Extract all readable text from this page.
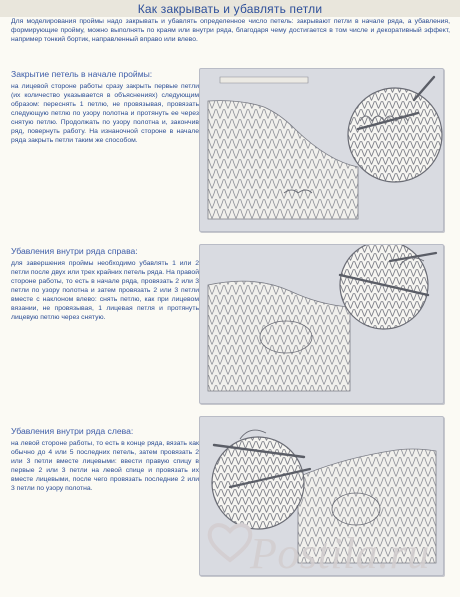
Как закрывать и убавлять петли
Для моделирования проймы надо закрывать и убавлять определенное число петель: закрывают петли в начале ряда, а убавления, формирующие пройму, можно выполнять по краям или внутри ряда, благодаря чему достигается в том числе и декоративный эффект, например тонкий бортик, направленный вправо или влево.
Закрытие петель в начале проймы:
на лицевой стороне работы сразу закрыть первые петли (их количество указывается в объяснениях) следующим образом: переснять 1 петлю, не провязывая, провязать следующую петлю по узору полотна и протянуть ее через снятую петлю. Продолжать по узору полотна и, закончив ряд, повернуть работу. На изнаночной стороне в начале ряда закрыть петли таким же способом.
Убавления внутри ряда справа:
для завершения проймы необходимо убавлять 1 или 2 петли после двух или трех крайних петель ряда. На правой стороне работы, то есть в начале ряда, провязать 2 или 3 петли по узору полотна и затем провязать 2 или 3 петли вместе с наклоном влево: снять петлю, как при лицевом вязании, не провязывая, 1 лицевая петля и протянуть лицевую петлю через снятую.
Убавления внутри ряда слева:
на левой стороне работы, то есть в конце ряда, вязать как обычно до 4 или 5 последних петель, затем провязать 2 или 3 петли вместе лицевыми: ввести правую спицу в первые 2 или 3 петли на левой спице и провязать их вместе лицевыми, после чего провязать последние 2 или 3 петли по узору полотна.
Postila.ru
